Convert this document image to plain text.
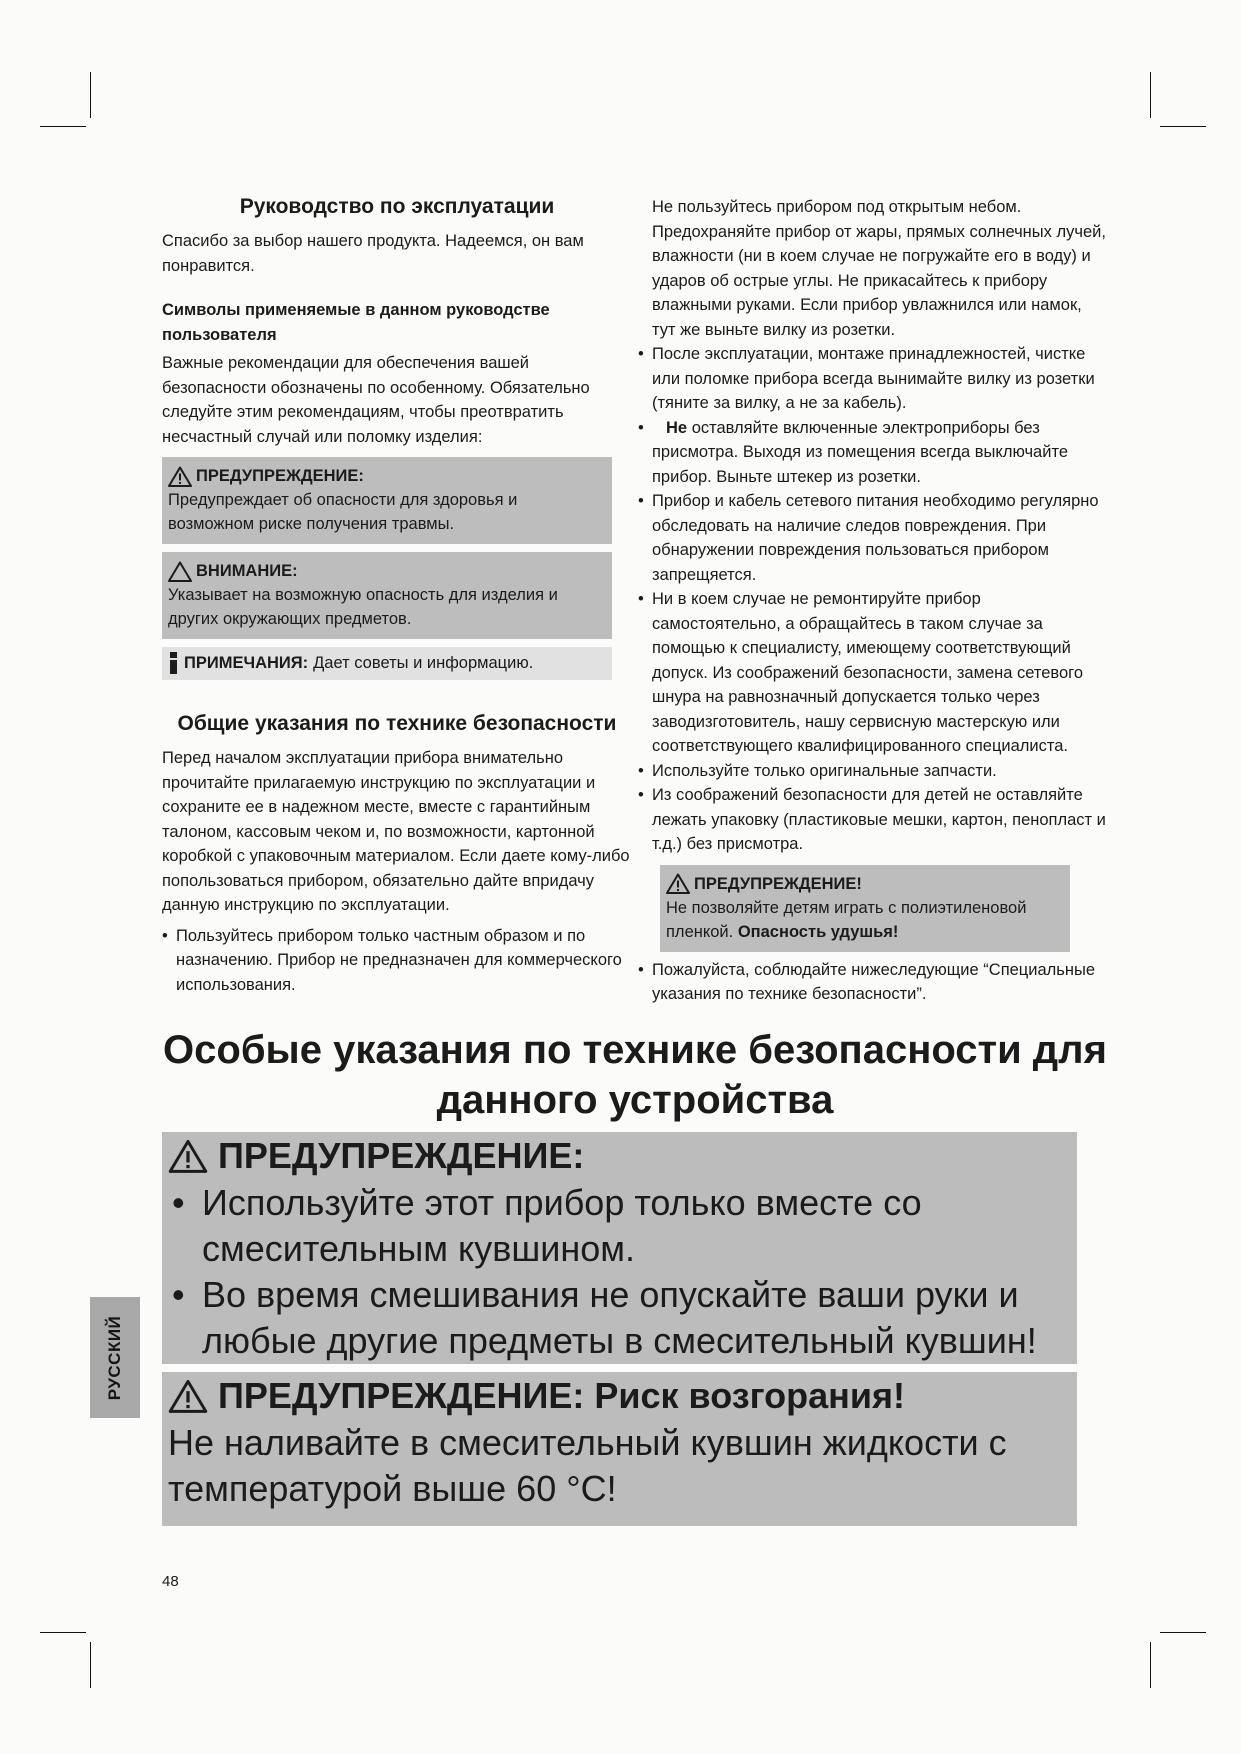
Руководство по эксплуатации

Спасибо за выбор нашего продукта. Надеемся, он вам понравится.

Символы применяемые в данном руководстве пользователя

Важные рекомендации для обеспечения вашей безопасности обозначены по особенному. Обязательно следуйте этим рекомендациям, чтобы преотвратить несчастный случай или поломку изделия:

ПРЕДУПРЕЖДЕНИЕ:
Предупреждает об опасности для здоровья и возможном риске получения травмы.
ВНИМАНИЕ:
Указывает на возможную опасность для изделия и других окружающих предметов.
ПРИМЕЧАНИЯ: Дает советы и информацию.
Общие указания по технике безопасности

Перед началом эксплуатации прибора внимательно прочитайте прилагаемую инструкцию по эксплуатации и сохраните ее в надежном месте, вместе с гарантийным талоном, кассовым чеком и, по возможности, картонной коробкой с упаковочным материалом. Если даете кому-либо попользоваться прибором, обязательно дайте впридачу данную инструкцию по эксплуатации.

• Пользуйтесь прибором только частным образом и по назначению. Прибор не предназначен для коммерческого использования.

Не пользуйтесь прибором под открытым небом. Предохраняйте прибор от жары, прямых солнечных лучей, влажности (ни в коем случае не погружайте его в воду) и ударов об острые углы. Не прикасайтесь к прибору влажными руками. Если прибор увлажнился или намок, тут же выньте вилку из розетки.

• После эксплуатации, монтаже принадлежностей, чистке или поломке прибора всегда вынимайте вилку из розетки (тяните за вилку, а не за кабель).
• Не оставляйте включенные электроприборы без присмотра. Выходя из помещения всегда выключайте прибор. Выньте штекер из розетки.
• Прибор и кабель сетевого питания необходимо регулярно обследовать на наличие следов повреждения. При обнаружении повреждения пользоваться прибором запрещяется.
• Ни в коем случае не ремонтируйте прибор самостоятельно, а обращайтесь в таком случае за помощью к специалисту, имеющему соответствующий допуск. Из соображений безопасности, замена сетевого шнура на равнозначный допускается только через заводизготовитель, нашу сервисную мастерскую или соответствующего квалифицированного специалиста.
• Используйте только оригинальные запчасти.
• Из соображений безопасности для детей не оставляйте лежать упаковку (пластиковые мешки, картон, пенопласт и т.д.) без присмотра.
ПРЕДУПРЕЖДЕНИЕ!
Не позволяйте детям играть с полиэтиленовой пленкой. Опасность удушья!
• Пожалуйста, соблюдайте нижеследующие “Специальные указания по технике безопасности”.
Особые указания по технике безопасности для данного устройства
ПРЕДУПРЕЖДЕНИЕ:
• Используйте этот прибор только вместе со смесительным кувшином.
• Во время смешивания не опускайте ваши руки и любые другие предметы в смесительный кувшин!
ПРЕДУПРЕЖДЕНИЕ: Риск возгорания!

Не наливайте в смесительный кувшин жидкости с температурой выше 60 °C!

РУССКИЙ
48
